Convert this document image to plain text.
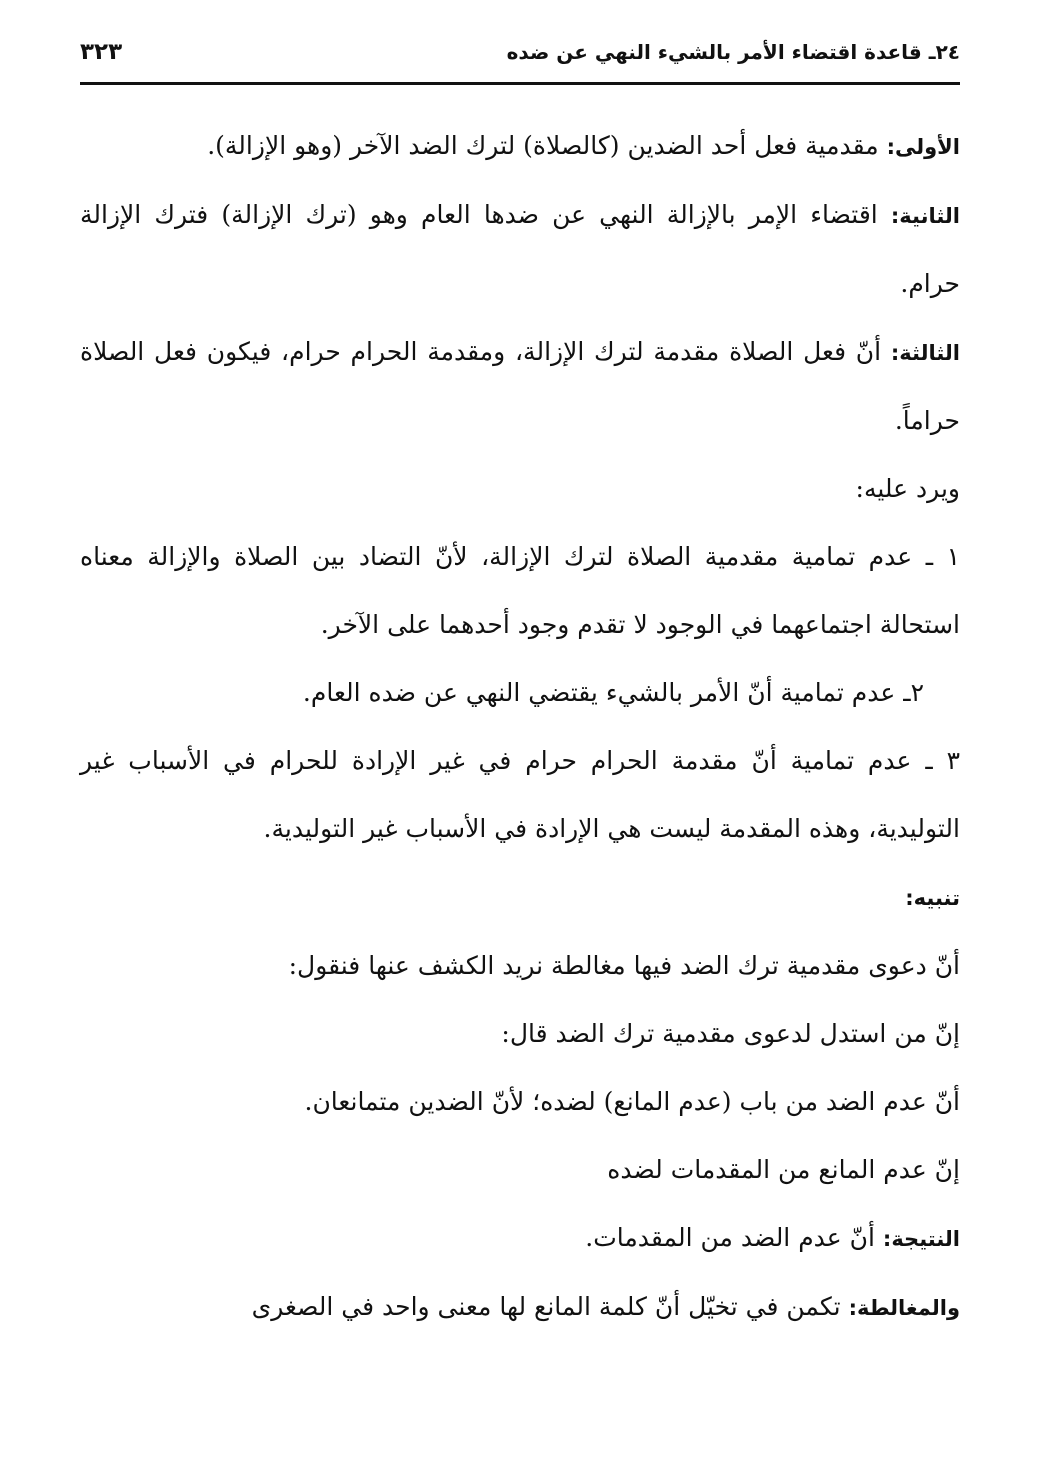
٢٤ـ قاعدة اقتضاء الأمر بالشيء النهي عن ضده
٣٢٣

الأولى: مقدمية فعل أحد الضدين (كالصلاة) لترك الضد الآخر (وهو الإزالة).

الثانية: اقتضاء الإمر بالإزالة النهي عن ضدها العام وهو (ترك الإزالة) فترك الإزالة حرام.

الثالثة: أنّ فعل الصلاة مقدمة لترك الإزالة، ومقدمة الحرام حرام، فيكون فعل الصلاة حراماً.

ويرد عليه:

١ ـ عدم تمامية مقدمية الصلاة لترك الإزالة، لأنّ التضاد بين الصلاة والإزالة معناه استحالة اجتماعهما في الوجود لا تقدم وجود أحدهما على الآخر.

٢ـ عدم تمامية أنّ الأمر بالشيء يقتضي النهي عن ضده العام.

٣ ـ عدم تمامية أنّ مقدمة الحرام حرام في غير الإرادة للحرام في الأسباب غير التوليدية، وهذه المقدمة ليست هي الإرادة في الأسباب غير التوليدية.

تنبيه:

أنّ دعوى مقدمية ترك الضد فيها مغالطة نريد الكشف عنها فنقول:

إنّ من استدل لدعوى مقدمية ترك الضد قال:

أنّ عدم الضد من باب (عدم المانع) لضده؛ لأنّ الضدين متمانعان.

إنّ عدم المانع من المقدمات لضده

النتيجة: أنّ عدم الضد من المقدمات.

والمغالطة: تكمن في تخيّل أنّ كلمة المانع لها معنى واحد في الصغرى
